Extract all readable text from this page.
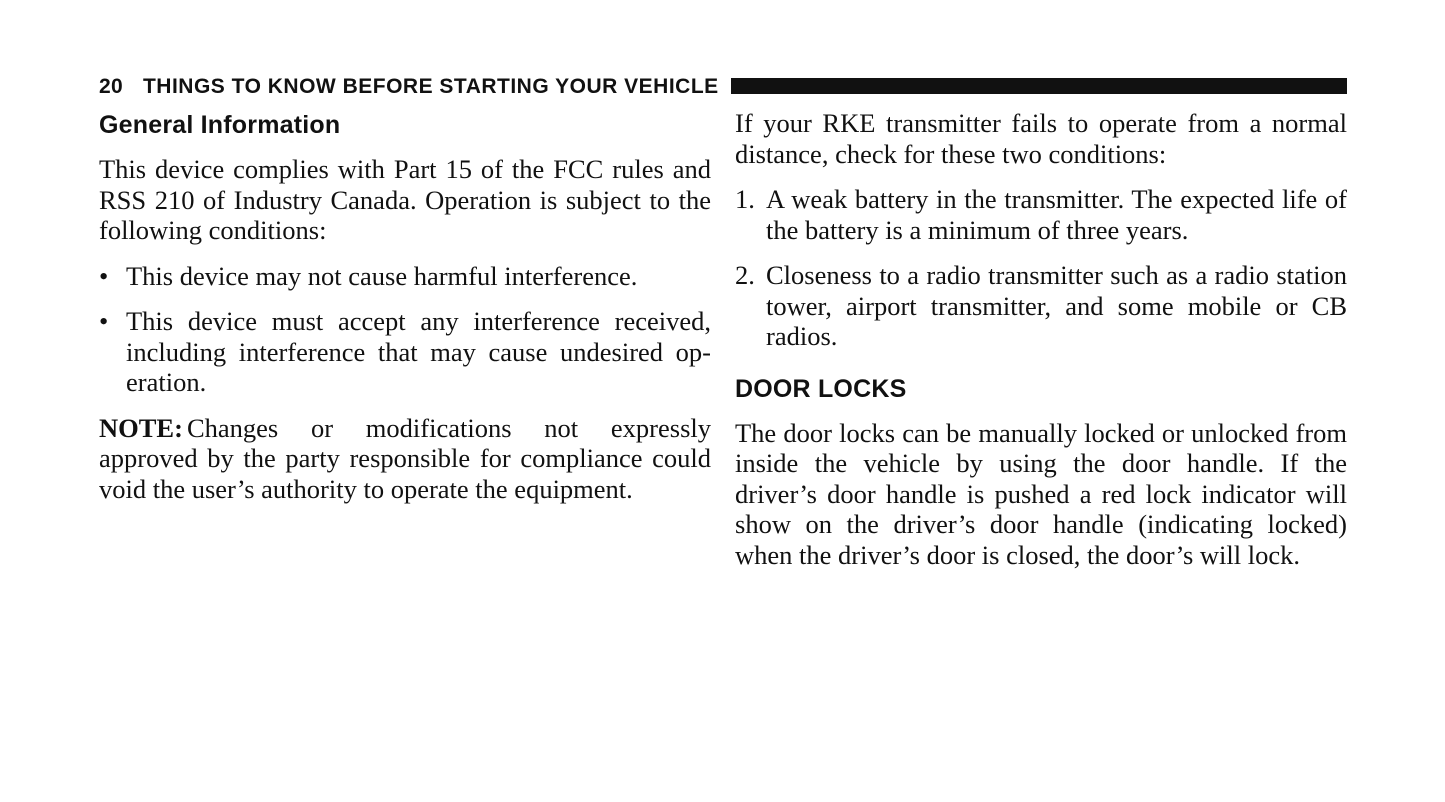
20 THINGS TO KNOW BEFORE STARTING YOUR VEHICLE
General Information

This device complies with Part 15 of the FCC rules and RSS 210 of Industry Canada. Operation is subject to the following conditions:

• This device may not cause harmful interference.
• This device must accept any interference received, including interference that may cause undesired op-eration.

NOTE: Changes or modifications not expressly approved by the party responsible for compliance could void the user’s authority to operate the equipment.

If your RKE transmitter fails to operate from a normal distance, check for these two conditions:

1. A weak battery in the transmitter. The expected life of the battery is a minimum of three years.
2. Closeness to a radio transmitter such as a radio station tower, airport transmitter, and some mobile or CB radios.
DOOR LOCKS

The door locks can be manually locked or unlocked from inside the vehicle by using the door handle. If the driver’s door handle is pushed a red lock indicator will show on the driver’s door handle (indicating locked) when the driver’s door is closed, the door’s will lock.
